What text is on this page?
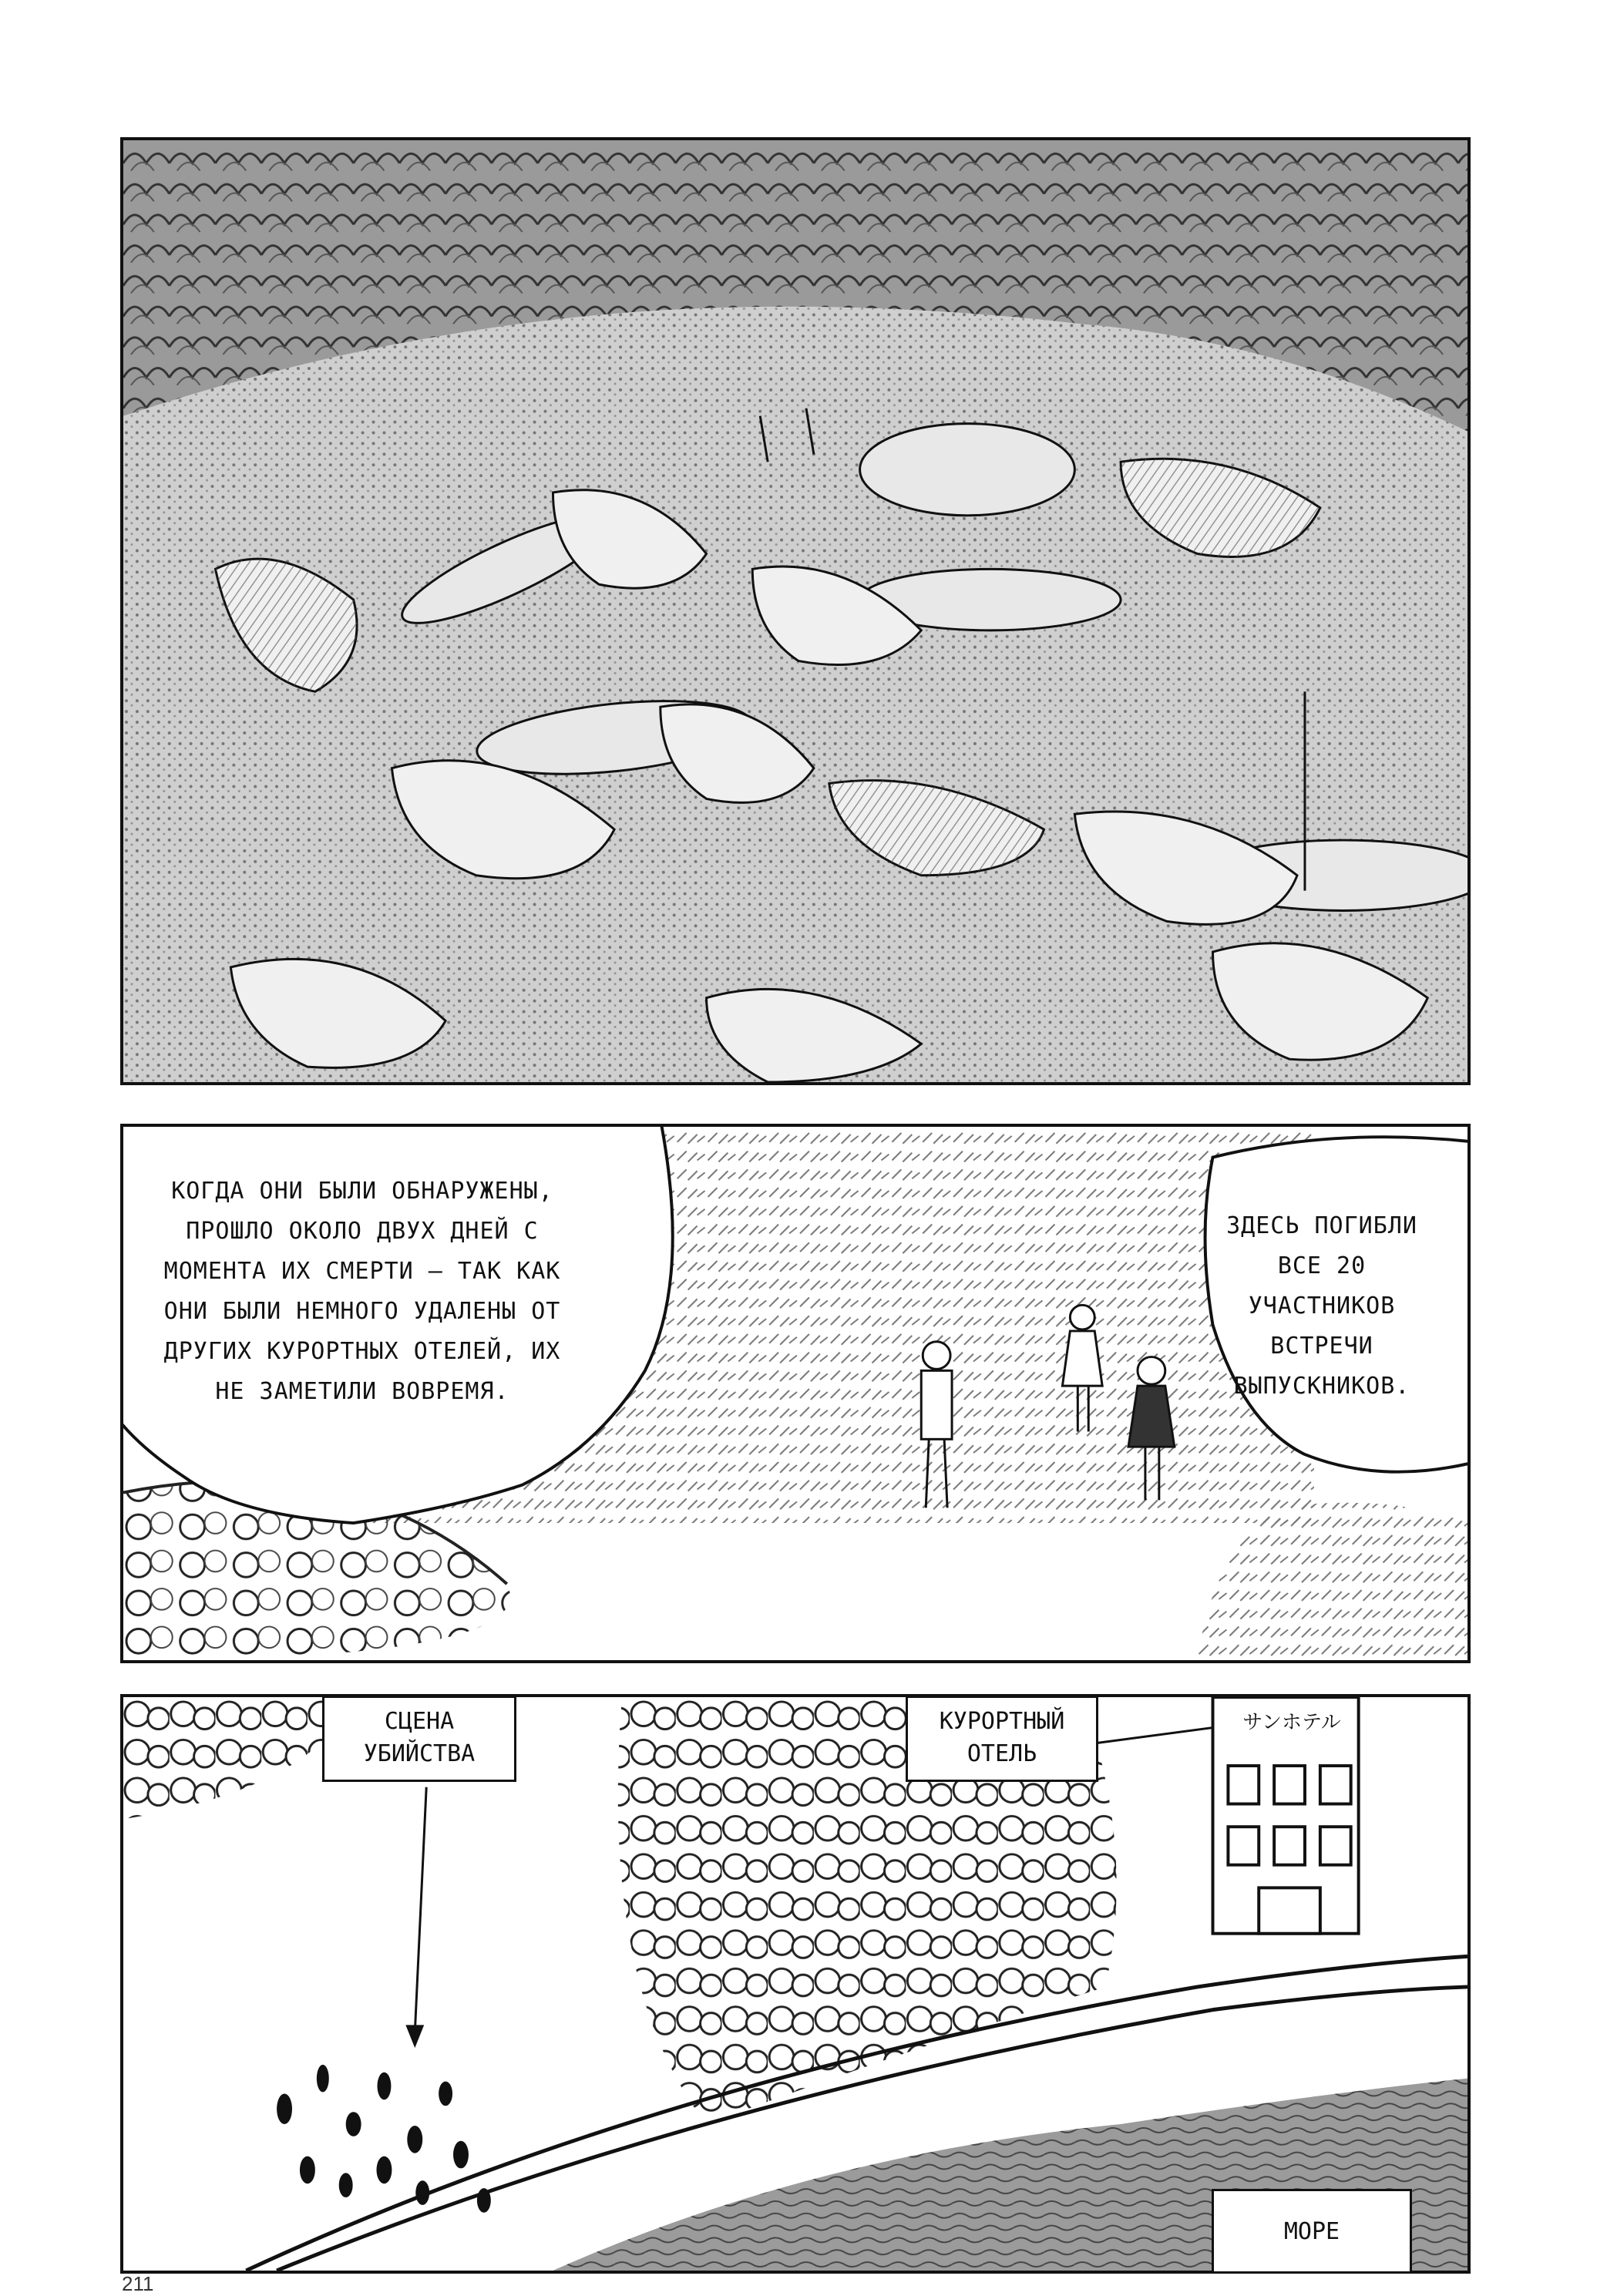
КОГДА ОНИ БЫЛИ ОБНАРУЖЕНЫ, ПРОШЛО ОКОЛО ДВУХ ДНЕЙ С МОМЕНТА ИХ СМЕРТИ – ТАК КАК ОНИ БЫЛИ НЕМНОГО УДАЛЕНЫ ОТ ДРУГИХ КУРОРТНЫХ ОТЕЛЕЙ, ИХ НЕ ЗАМЕТИЛИ ВОВРЕМЯ.
ЗДЕСЬ ПОГИБЛИ ВСЕ 20 УЧАСТНИКОВ ВСТРЕЧИ ВЫПУСКНИКОВ.
サンホテル
СЦЕНА УБИЙСТВА
КУРОРТНЫЙ ОТЕЛЬ
МОРЕ
211
